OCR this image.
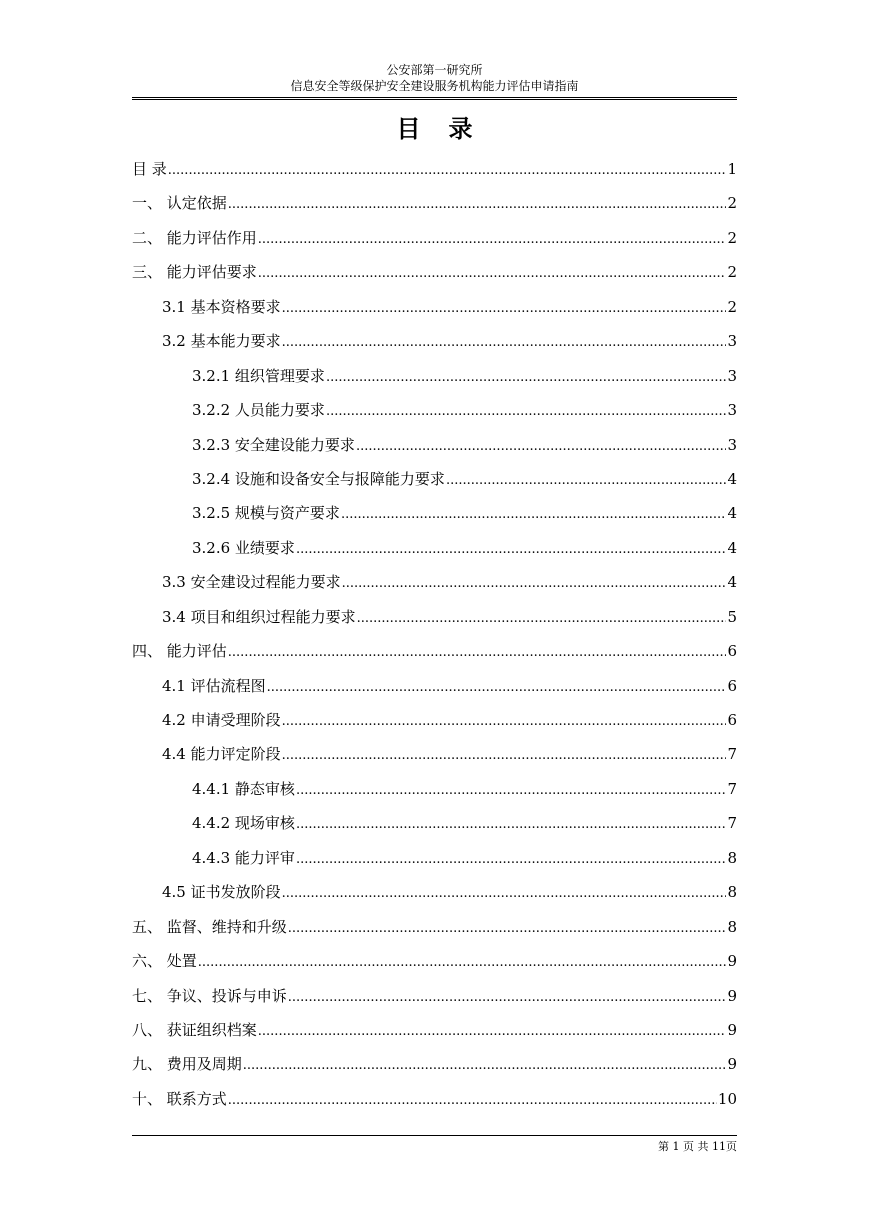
公安部第一研究所
信息安全等级保护安全建设服务机构能力评估申请指南
目录
目 录 .....	1
一、 认定依据 .....	2
二、 能力评估作用 .....	2
三、 能力评估要求 .....	2
3.1 基本资格要求 .....	2
3.2 基本能力要求 .....	3
3.2.1 组织管理要求 .....	3
3.2.2 人员能力要求 .....	3
3.2.3 安全建设能力要求 .....	3
3.2.4 设施和设备安全与报障能力要求 .....	4
3.2.5 规模与资产要求 .....	4
3.2.6 业绩要求 .....	4
3.3 安全建设过程能力要求 .....	4
3.4 项目和组织过程能力要求 .....	5
四、 能力评估 .....	6
4.1 评估流程图 .....	6
4.2 申请受理阶段 .....	6
4.4 能力评定阶段 .....	7
4.4.1 静态审核 .....	7
4.4.2 现场审核 .....	7
4.4.3 能力评审 .....	8
4.5 证书发放阶段 .....	8
五、 监督、维持和升级 .....	8
六、 处置 .....	9
七、 争议、投诉与申诉 .....	9
八、 获证组织档案 .....	9
九、 费用及周期 .....	9
十、 联系方式 .....	10
第 1 页 共 11页
